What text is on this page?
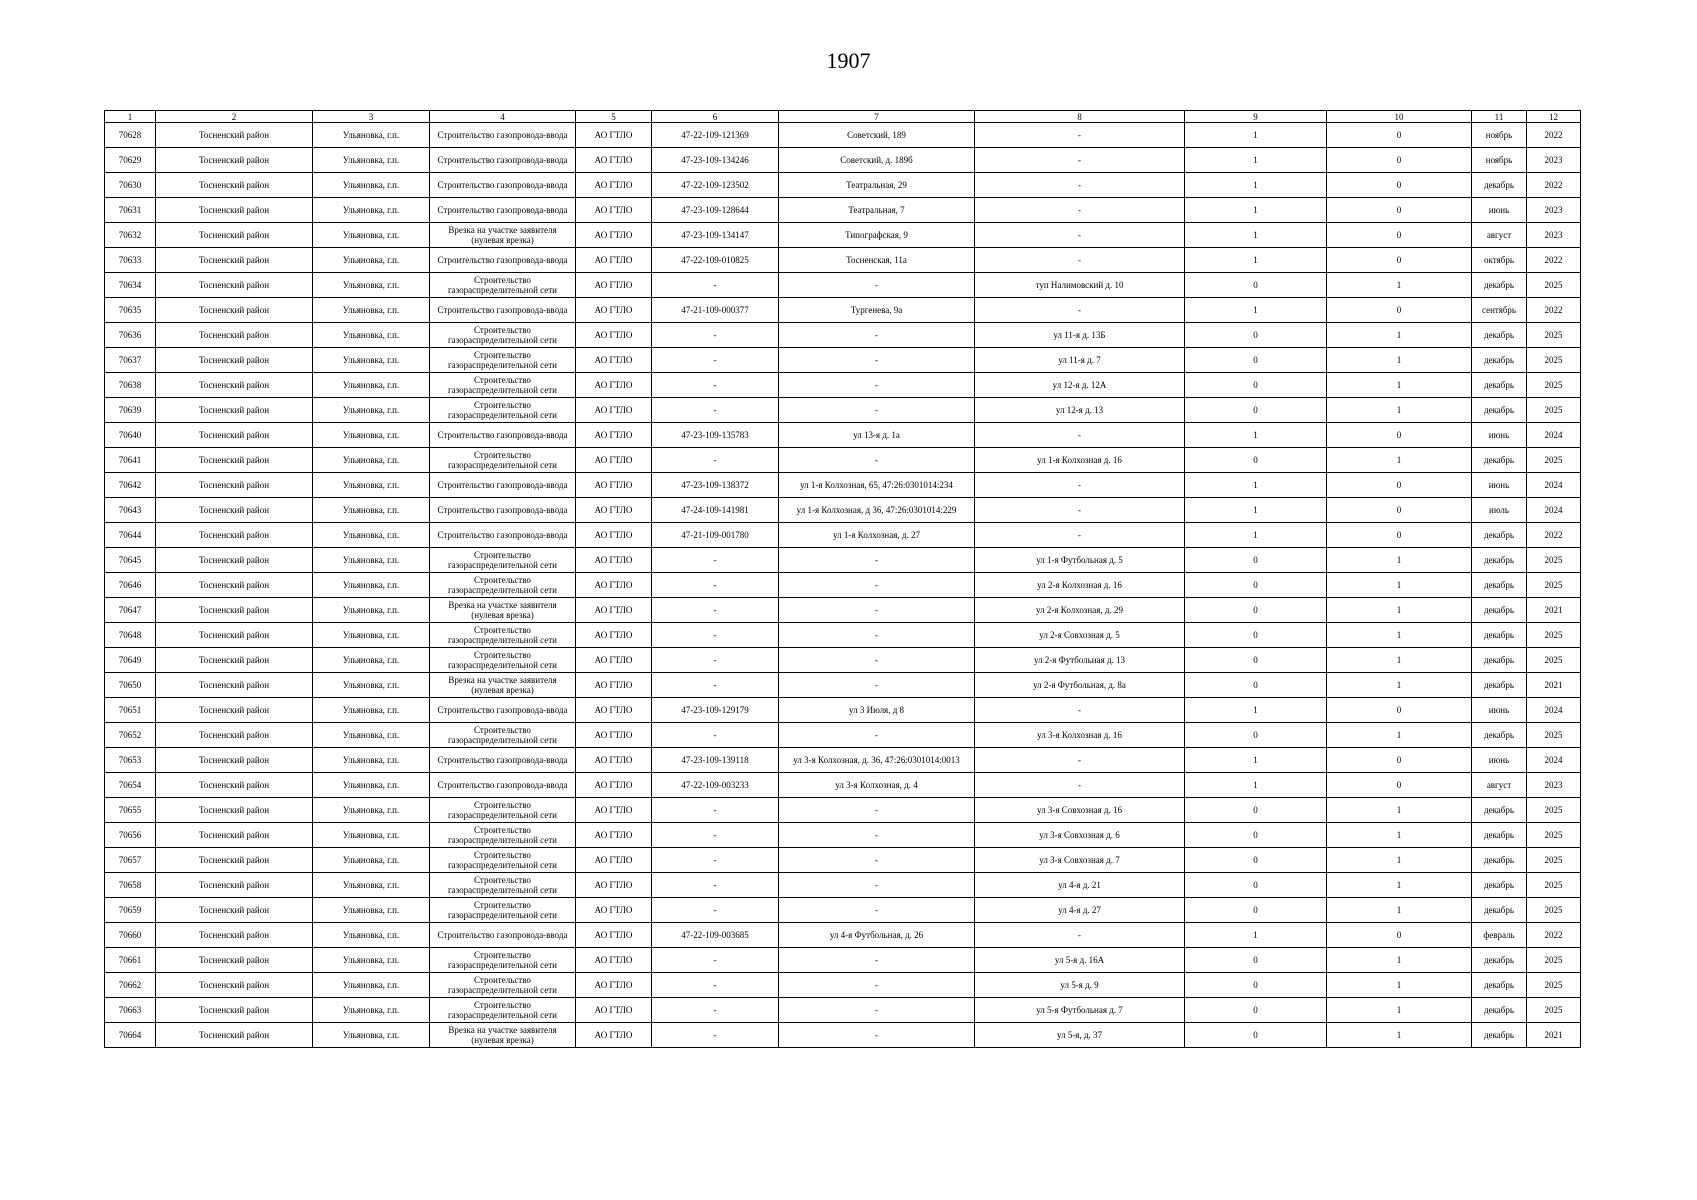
1907
1	2	3	4	5	6	7	8	9	10	11	12
70628	Тосненский район	Ульяновка, г.п.	Строительство газопровода-ввода	АО ГТЛО	47-22-109-121369	Советский, 189	-	1	0	ноябрь	2022
70629	Тосненский район	Ульяновка, г.п.	Строительство газопровода-ввода	АО ГТЛО	47-23-109-134246	Советский, д. 189б	-	1	0	ноябрь	2023
70630	Тосненский район	Ульяновка, г.п.	Строительство газопровода-ввода	АО ГТЛО	47-22-109-123502	Театральная, 29	-	1	0	декабрь	2022
70631	Тосненский район	Ульяновка, г.п.	Строительство газопровода-ввода	АО ГТЛО	47-23-109-128644	Театральная, 7	-	1	0	июнь	2023
70632	Тосненский район	Ульяновка, г.п.	Врезка на участке заявителя (нулевая врезка)	АО ГТЛО	47-23-109-134147	Типографская, 9	-	1	0	август	2023
70633	Тосненский район	Ульяновка, г.п.	Строительство газопровода-ввода	АО ГТЛО	47-22-109-010825	Тосненская, 11а	-	1	0	октябрь	2022
70634	Тосненский район	Ульяновка, г.п.	Строительство газораспределительной сети	АО ГТЛО	-	-	туп Налимовский д. 10	0	1	декабрь	2025
70635	Тосненский район	Ульяновка, г.п.	Строительство газопровода-ввода	АО ГТЛО	47-21-109-000377	Тургенева, 9а	-	1	0	сентябрь	2022
70636	Тосненский район	Ульяновка, г.п.	Строительство газораспределительной сети	АО ГТЛО	-	-	ул 11-я д. 13Б	0	1	декабрь	2025
70637	Тосненский район	Ульяновка, г.п.	Строительство газораспределительной сети	АО ГТЛО	-	-	ул 11-я д. 7	0	1	декабрь	2025
70638	Тосненский район	Ульяновка, г.п.	Строительство газораспределительной сети	АО ГТЛО	-	-	ул 12-я д. 12А	0	1	декабрь	2025
70639	Тосненский район	Ульяновка, г.п.	Строительство газораспределительной сети	АО ГТЛО	-	-	ул 12-я д. 13	0	1	декабрь	2025
70640	Тосненский район	Ульяновка, г.п.	Строительство газопровода-ввода	АО ГТЛО	47-23-109-135783	ул 13-я д. 1а	-	1	0	июнь	2024
70641	Тосненский район	Ульяновка, г.п.	Строительство газораспределительной сети	АО ГТЛО	-	-	ул 1-я Колхозная д. 16	0	1	декабрь	2025
70642	Тосненский район	Ульяновка, г.п.	Строительство газопровода-ввода	АО ГТЛО	47-23-109-138372	ул 1-я Колхозная, 65, 47:26:0301014:234	-	1	0	июнь	2024
70643	Тосненский район	Ульяновка, г.п.	Строительство газопровода-ввода	АО ГТЛО	47-24-109-141981	ул 1-я Колхозная, д 36, 47:26:0301014:229	-	1	0	июль	2024
70644	Тосненский район	Ульяновка, г.п.	Строительство газопровода-ввода	АО ГТЛО	47-21-109-001780	ул 1-я Колхозная, д. 27	-	1	0	декабрь	2022
70645	Тосненский район	Ульяновка, г.п.	Строительство газораспределительной сети	АО ГТЛО	-	-	ул 1-я Футбольная д. 5	0	1	декабрь	2025
70646	Тосненский район	Ульяновка, г.п.	Строительство газораспределительной сети	АО ГТЛО	-	-	ул 2-я Колхозная д. 16	0	1	декабрь	2025
70647	Тосненский район	Ульяновка, г.п.	Врезка на участке заявителя (нулевая врезка)	АО ГТЛО	-	-	ул 2-я Колхозная, д. 29	0	1	декабрь	2021
70648	Тосненский район	Ульяновка, г.п.	Строительство газораспределительной сети	АО ГТЛО	-	-	ул 2-я Совхозная д. 5	0	1	декабрь	2025
70649	Тосненский район	Ульяновка, г.п.	Строительство газораспределительной сети	АО ГТЛО	-	-	ул 2-я Футбольная д. 13	0	1	декабрь	2025
70650	Тосненский район	Ульяновка, г.п.	Врезка на участке заявителя (нулевая врезка)	АО ГТЛО	-	-	ул 2-я Футбольная, д. 8а	0	1	декабрь	2021
70651	Тосненский район	Ульяновка, г.п.	Строительство газопровода-ввода	АО ГТЛО	47-23-109-129179	ул 3 Июля, д 8	-	1	0	июнь	2024
70652	Тосненский район	Ульяновка, г.п.	Строительство газораспределительной сети	АО ГТЛО	-	-	ул 3-я Колхозная д. 16	0	1	декабрь	2025
70653	Тосненский район	Ульяновка, г.п.	Строительство газопровода-ввода	АО ГТЛО	47-23-109-139118	ул 3-я Колхозная, д. 36, 47:26:0301014:0013	-	1	0	июнь	2024
70654	Тосненский район	Ульяновка, г.п.	Строительство газопровода-ввода	АО ГТЛО	47-22-109-003233	ул 3-я Колхозная, д. 4	-	1	0	август	2023
70655	Тосненский район	Ульяновка, г.п.	Строительство газораспределительной сети	АО ГТЛО	-	-	ул 3-я Совхозная д. 16	0	1	декабрь	2025
70656	Тосненский район	Ульяновка, г.п.	Строительство газораспределительной сети	АО ГТЛО	-	-	ул 3-я Совхозная д. 6	0	1	декабрь	2025
70657	Тосненский район	Ульяновка, г.п.	Строительство газораспределительной сети	АО ГТЛО	-	-	ул 3-я Совхозная д. 7	0	1	декабрь	2025
70658	Тосненский район	Ульяновка, г.п.	Строительство газораспределительной сети	АО ГТЛО	-	-	ул 4-я д. 21	0	1	декабрь	2025
70659	Тосненский район	Ульяновка, г.п.	Строительство газораспределительной сети	АО ГТЛО	-	-	ул 4-я д. 27	0	1	декабрь	2025
70660	Тосненский район	Ульяновка, г.п.	Строительство газопровода-ввода	АО ГТЛО	47-22-109-003685	ул 4-я Футбольная, д. 26	-	1	0	февраль	2022
70661	Тосненский район	Ульяновка, г.п.	Строительство газораспределительной сети	АО ГТЛО	-	-	ул 5-я д. 16А	0	1	декабрь	2025
70662	Тосненский район	Ульяновка, г.п.	Строительство газораспределительной сети	АО ГТЛО	-	-	ул 5-я д. 9	0	1	декабрь	2025
70663	Тосненский район	Ульяновка, г.п.	Строительство газораспределительной сети	АО ГТЛО	-	-	ул 5-я Футбольная д. 7	0	1	декабрь	2025
70664	Тосненский район	Ульяновка, г.п.	Врезка на участке заявителя (нулевая врезка)	АО ГТЛО	-	-	ул 5-я, д. 37	0	1	декабрь	2021
